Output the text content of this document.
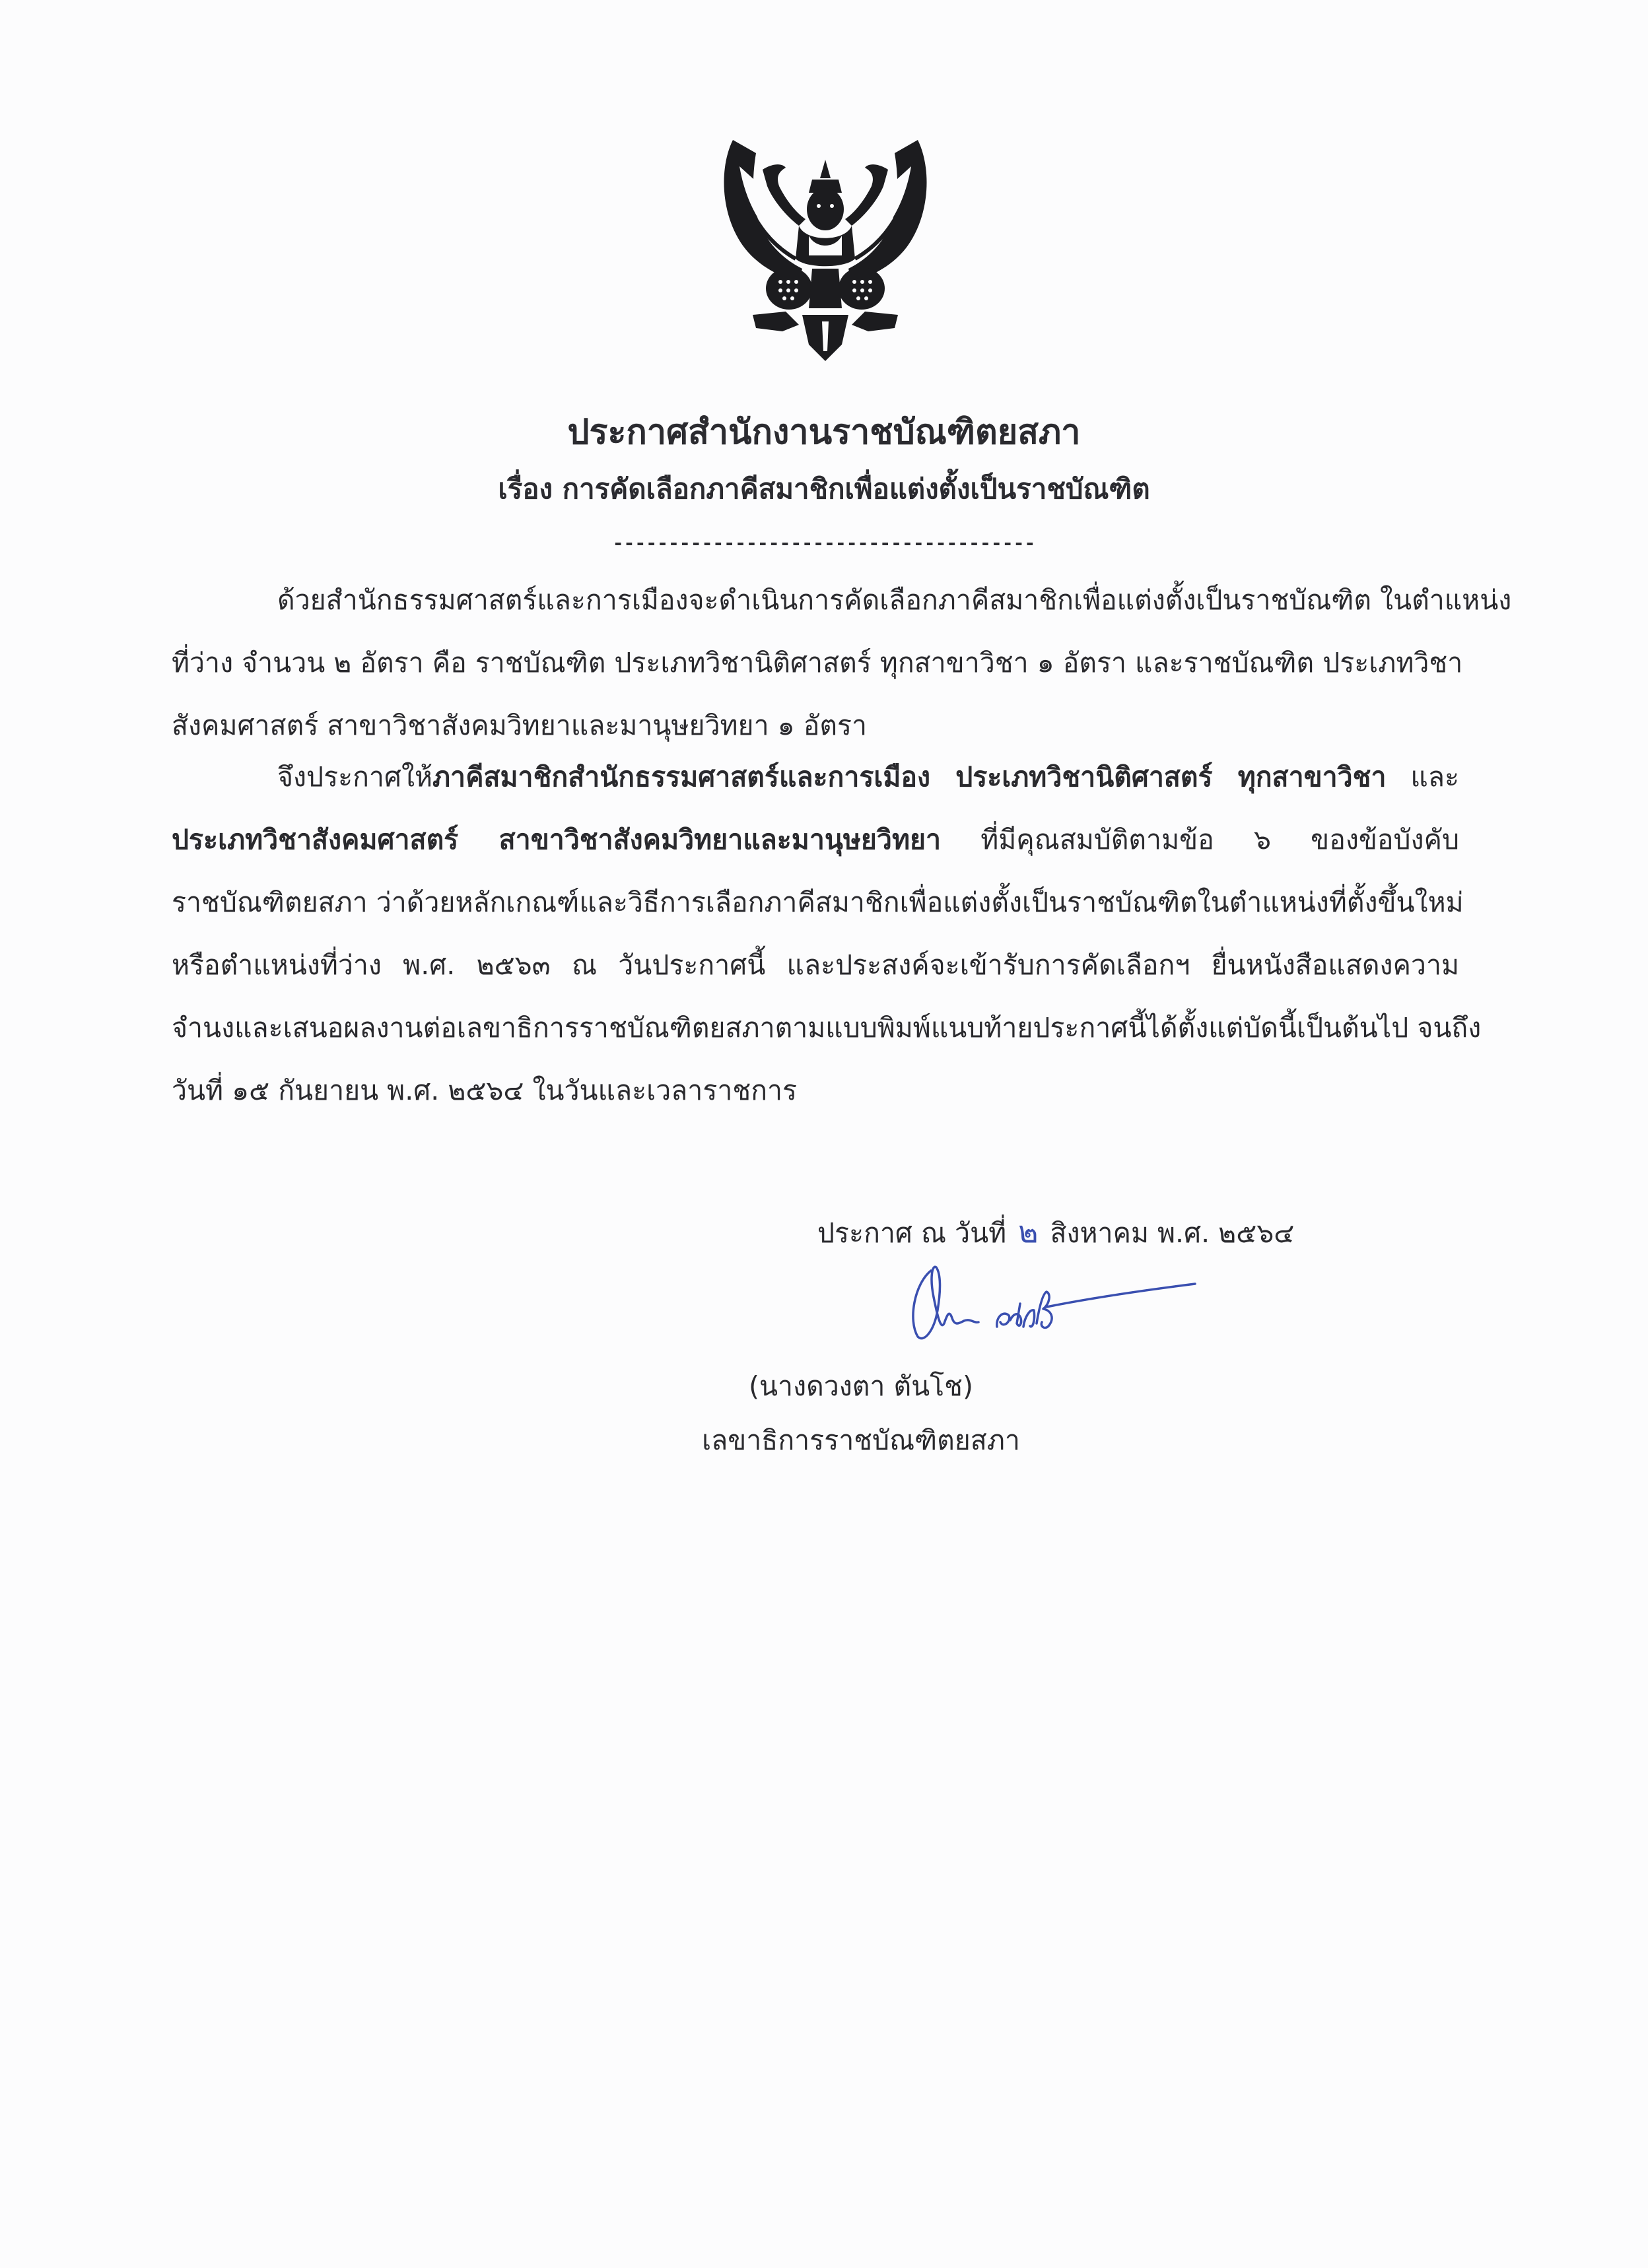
ประกาศสำนักงานราชบัณฑิตยสภา
เรื่อง การคัดเลือกภาคีสมาชิกเพื่อแต่งตั้งเป็นราชบัณฑิต
--------------------------------------
ด้วยสำนักธรรมศาสตร์และการเมืองจะดำเนินการคัดเลือกภาคีสมาชิกเพื่อแต่งตั้งเป็นราชบัณฑิต ในตำแหน่ง
ที่ว่าง จำนวน ๒ อัตรา คือ ราชบัณฑิต ประเภทวิชานิติศาสตร์ ทุกสาขาวิชา ๑ อัตรา และราชบัณฑิต ประเภทวิชา
สังคมศาสตร์ สาขาวิชาสังคมวิทยาและมานุษยวิทยา ๑ อัตรา
จึงประกาศให้ภาคีสมาชิกสำนักธรรมศาสตร์และการเมือง ประเภทวิชานิติศาสตร์ ทุกสาขาวิชา และ
ประเภทวิชาสังคมศาสตร์ สาขาวิชาสังคมวิทยาและมานุษยวิทยา ที่มีคุณสมบัติตามข้อ ๖ ของข้อบังคับ
ราชบัณฑิตยสภา ว่าด้วยหลักเกณฑ์และวิธีการเลือกภาคีสมาชิกเพื่อแต่งตั้งเป็นราชบัณฑิตในตำแหน่งที่ตั้งขึ้นใหม่
หรือตำแหน่งที่ว่าง พ.ศ. ๒๕๖๓ ณ วันประกาศนี้ และประสงค์จะเข้ารับการคัดเลือกฯ ยื่นหนังสือแสดงความ
จำนงและเสนอผลงานต่อเลขาธิการราชบัณฑิตยสภาตามแบบพิมพ์แนบท้ายประกาศนี้ได้ตั้งแต่บัดนี้เป็นต้นไป จนถึง
วันที่ ๑๕ กันยายน พ.ศ. ๒๕๖๔ ในวันและเวลาราชการ
ประกาศ ณ วันที่ ๒ สิงหาคม พ.ศ. ๒๕๖๔
(นางดวงตา ตันโช)
เลขาธิการราชบัณฑิตยสภา
